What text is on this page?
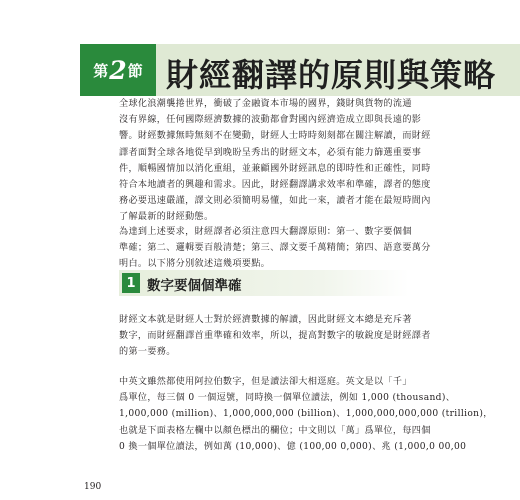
第 2 節 財經翻譯的原則與策略
全球化浪潮襲捲世界，衝破了金融資本市場的國界，錢財與貨物的流通
沒有界線，任何國際經濟數據的波動都會對國內經濟造成立即與長遠的影
響。財經數據無時無刻不在變動，財經人士時時刻刻都在關注解讀，而財經
譯者面對全球各地從早到晚盼呈秀出的財經文本，必須有能力篩選重要事
件，順暢國情加以消化重組，並兼顧國外財經訊息的即時性和正確性，同時
符合本地讀者的興趣和需求。因此，財經翻譯講求效率和準確，譯者的態度
務必要迅速嚴謹，譯文則必須簡明易懂，如此一來，讀者才能在最短時間內
了解最新的財經動態。
為達到上述要求，財經譯者必須注意四大翻譯原則：第一、數字要個個
準確；第二、邏輯要百般清楚；第三、譯文要千萬精簡；第四、語意要萬分
明白。以下將分別敘述這幾項要點。
1 數字要個個準確
財經文本就是財經人士對於經濟數據的解讀，因此財經文本總是充斥著
數字，而財經翻譯首重準確和效率，所以，提高對數字的敏銳度是財經譯者
的第一要務。
中英文雖然都使用阿拉伯數字，但是讀法卻大相逕庭。英文是以「千」
爲單位，每三個 0 一個逗號，同時換一個單位讀法，例如 1,000 (thousand)、
1,000,000 (million)、1,000,000,000 (billion)、1,000,000,000,000 (trillion)，
也就是下面表格左欄中以顏色標出的欄位；中文則以「萬」爲單位，每四個
0 換一個單位讀法，例如萬 (10,000)、億 (100,00 0,000)、兆 (1,000,0 00,00
190
